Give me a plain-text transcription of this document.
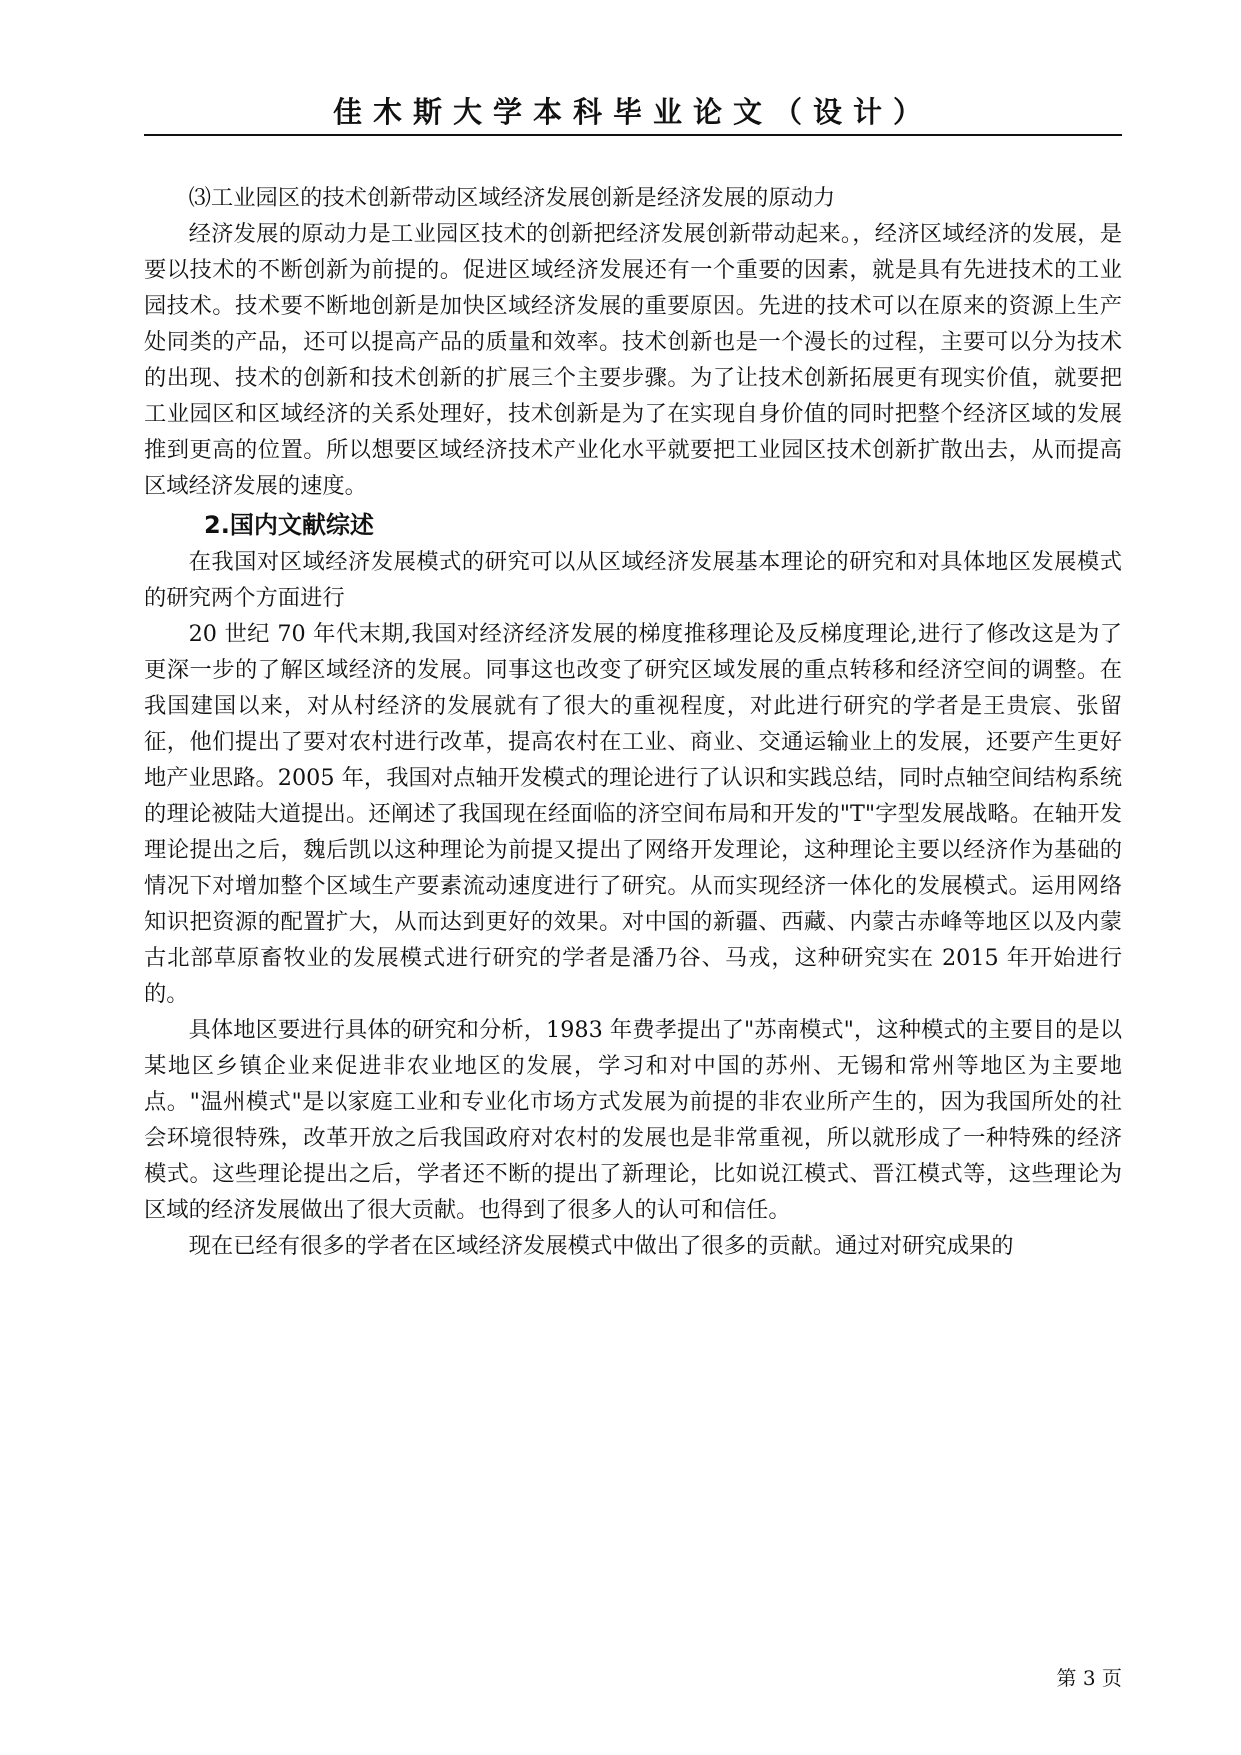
佳木斯大学本科毕业论文（设计）

⑶工业园区的技术创新带动区域经济发展创新是经济发展的原动力

经济发展的原动力是工业园区技术的创新把经济发展创新带动起来。，经济区域经济的发展，是要以技术的不断创新为前提的。促进区域经济发展还有一个重要的因素，就是具有先进技术的工业园技术。技术要不断地创新是加快区域经济发展的重要原因。先进的技术可以在原来的资源上生产处同类的产品，还可以提高产品的质量和效率。技术创新也是一个漫长的过程，主要可以分为技术的出现、技术的创新和技术创新的扩展三个主要步骤。为了让技术创新拓展更有现实价值，就要把工业园区和区域经济的关系处理好，技术创新是为了在实现自身价值的同时把整个经济区域的发展推到更高的位置。所以想要区域经济技术产业化水平就要把工业园区技术创新扩散出去，从而提高区域经济发展的速度。

2.国内文献综述

在我国对区域经济发展模式的研究可以从区域经济发展基本理论的研究和对具体地区发展模式的研究两个方面进行

20 世纪 70 年代末期,我国对经济经济发展的梯度推移理论及反梯度理论,进行了修改这是为了更深一步的了解区域经济的发展。同事这也改变了研究区域发展的重点转移和经济空间的调整。在我国建国以来，对从村经济的发展就有了很大的重视程度，对此进行研究的学者是王贵宸、张留征，他们提出了要对农村进行改革，提高农村在工业、商业、交通运输业上的发展，还要产生更好地产业思路。2005 年，我国对点轴开发模式的理论进行了认识和实践总结，同时点轴空间结构系统的理论被陆大道提出。还阐述了我国现在经面临的济空间布局和开发的"T"字型发展战略。在轴开发理论提出之后，魏后凯以这种理论为前提又提出了网络开发理论，这种理论主要以经济作为基础的情况下对增加整个区域生产要素流动速度进行了研究。从而实现经济一体化的发展模式。运用网络知识把资源的配置扩大，从而达到更好的效果。对中国的新疆、西藏、内蒙古赤峰等地区以及内蒙古北部草原畜牧业的发展模式进行研究的学者是潘乃谷、马戎，这种研究实在 2015 年开始进行的。

具体地区要进行具体的研究和分析，1983 年费孝提出了"苏南模式"，这种模式的主要目的是以某地区乡镇企业来促进非农业地区的发展，学习和对中国的苏州、无锡和常州等地区为主要地点。"温州模式"是以家庭工业和专业化市场方式发展为前提的非农业所产生的，因为我国所处的社会环境很特殊，改革开放之后我国政府对农村的发展也是非常重视，所以就形成了一种特殊的经济模式。这些理论提出之后，学者还不断的提出了新理论，比如说江模式、晋江模式等，这些理论为区域的经济发展做出了很大贡献。也得到了很多人的认可和信任。

现在已经有很多的学者在区域经济发展模式中做出了很多的贡献。通过对研究成果的

第 3 页
